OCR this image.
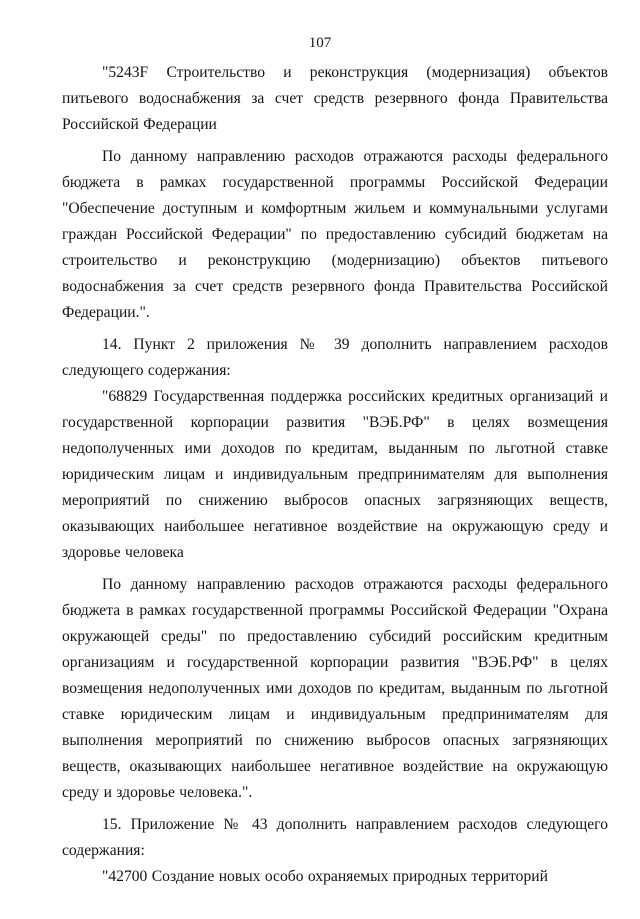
107

"5243F Строительство и реконструкция (модернизация) объектов питьевого водоснабжения за счет средств резервного фонда Правительства Российской Федерации

По данному направлению расходов отражаются расходы федерального бюджета в рамках государственной программы Российской Федерации "Обеспечение доступным и комфортным жильем и коммунальными услугами граждан Российской Федерации" по предоставлению субсидий бюджетам на строительство и реконструкцию (модернизацию) объектов питьевого водоснабжения за счет средств резервного фонда Правительства Российской Федерации.".

14. Пункт 2 приложения № 39 дополнить направлением расходов следующего содержания:

"68829 Государственная поддержка российских кредитных организаций и государственной корпорации развития "ВЭБ.РФ" в целях возмещения недополученных ими доходов по кредитам, выданным по льготной ставке юридическим лицам и индивидуальным предпринимателям для выполнения мероприятий по снижению выбросов опасных загрязняющих веществ, оказывающих наибольшее негативное воздействие на окружающую среду и здоровье человека

По данному направлению расходов отражаются расходы федерального бюджета в рамках государственной программы Российской Федерации "Охрана окружающей среды" по предоставлению субсидий российским кредитным организациям и государственной корпорации развития "ВЭБ.РФ" в целях возмещения недополученных ими доходов по кредитам, выданным по льготной ставке юридическим лицам и индивидуальным предпринимателям для выполнения мероприятий по снижению выбросов опасных загрязняющих веществ, оказывающих наибольшее негативное воздействие на окружающую среду и здоровье человека.".

15. Приложение № 43 дополнить направлением расходов следующего содержания:

"42700 Создание новых особо охраняемых природных территорий
